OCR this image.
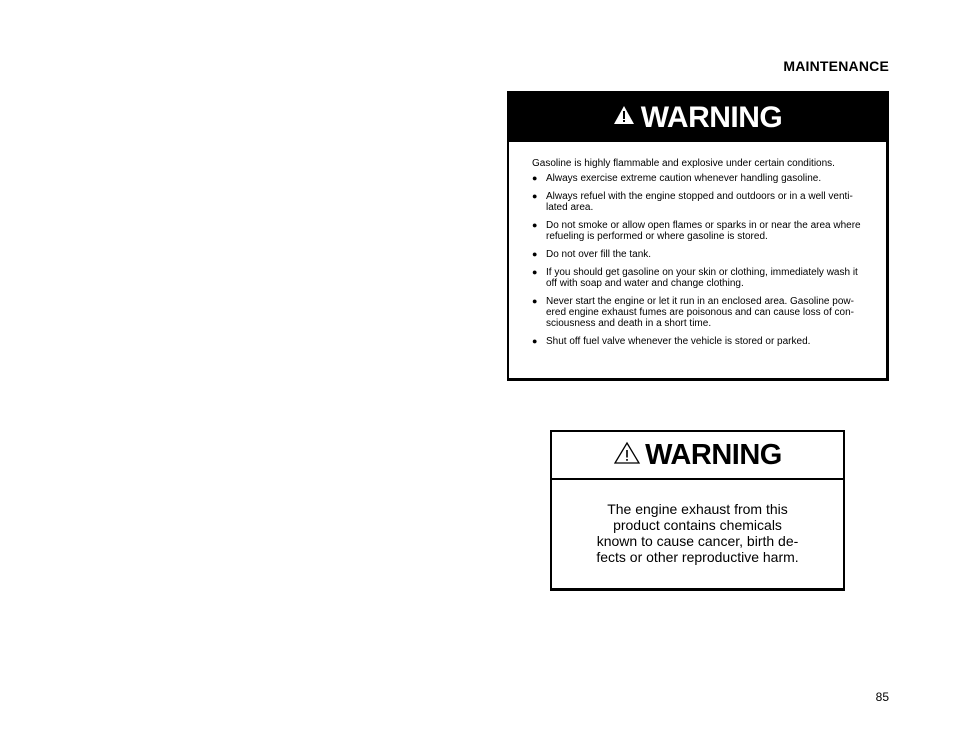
MAINTENANCE
WARNING

Gasoline is highly flammable and explosive under certain conditions.

● Always exercise extreme caution whenever handling gasoline.
● Always refuel with the engine stopped and outdoors or in a well venti- lated area.
● Do not smoke or allow open flames or sparks in or near the area where refueling is performed or where gasoline is stored.
● Do not over fill the tank.
● If you should get gasoline on your skin or clothing, immediately wash it off with soap and water and change clothing.
● Never start the engine or let it run in an enclosed area. Gasoline pow- ered engine exhaust fumes are poisonous and can cause loss of con- sciousness and death in a short time.
● Shut off fuel valve whenever the vehicle is stored or parked.
WARNING
The engine exhaust from this
product contains chemicals
known to cause cancer, birth de-
fects or other reproductive harm.
85
